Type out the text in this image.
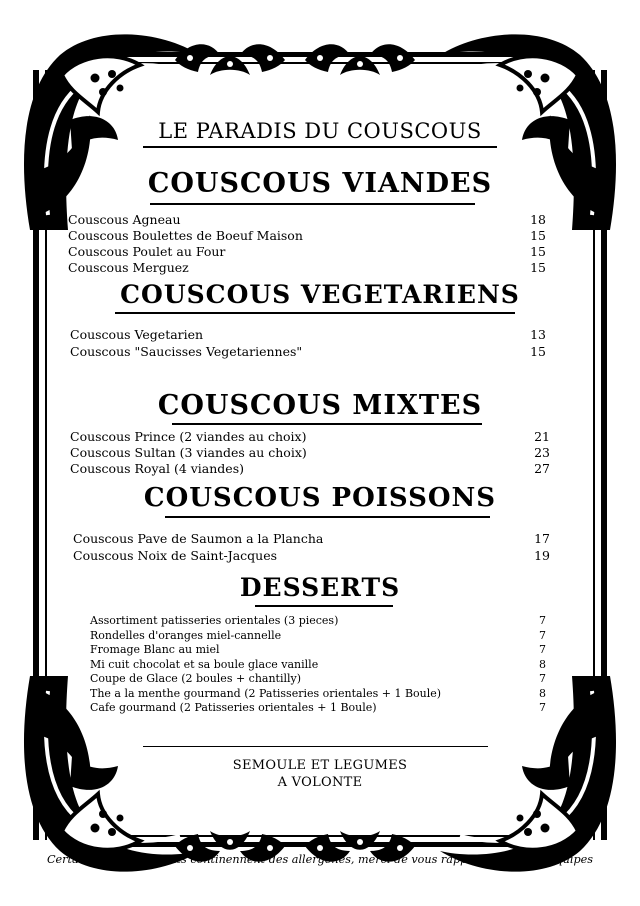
LE PARADIS DU COUSCOUS
COUSCOUS VIANDES
Couscous Agneau	18
Couscous Boulettes de Boeuf Maison	15
Couscous Poulet au Four	15
Couscous Merguez	15
COUSCOUS VEGETARIENS
Couscous Vegetarien	13
Couscous "Saucisses Vegetariennes"	15
COUSCOUS MIXTES
Couscous Prince (2 viandes au choix)	21
Couscous Sultan (3 viandes au choix)	23
Couscous Royal (4 viandes)	27
COUSCOUS POISSONS
Couscous Pave de Saumon a la Plancha	17
Couscous Noix de Saint-Jacques	19
DESSERTS
Assortiment patisseries orientales (3 pieces)	7
Rondelles d'oranges miel-cannelle	7
Fromage Blanc au miel	7
Mi cuit chocolat et sa boule glace vanille	8
Coupe de Glace (2 boules + chantilly)	7
The a la menthe gourmand (2 Patisseries orientales + 1 Boule)	8
Cafe gourmand (2 Patisseries orientales + 1 Boule)	7
SEMOULE ET LEGUMES
A VOLONTE
Certains de nos produits continennent des allergenes, merci de vous rapprocher de nos equipes
